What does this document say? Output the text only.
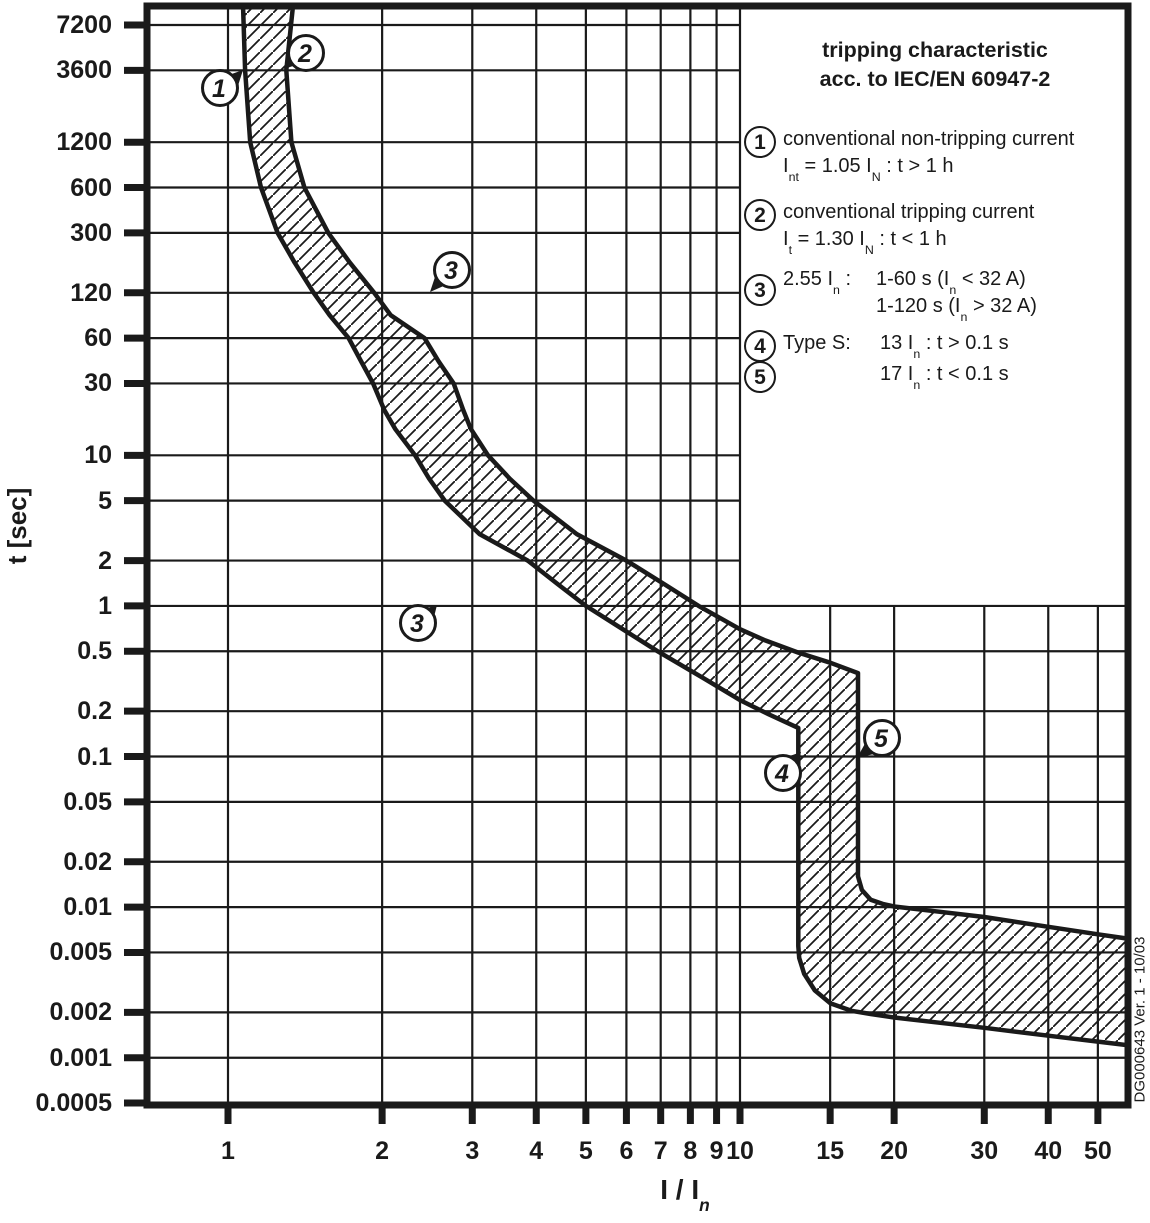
1
2
3
3
4
5
7200
3600
1200
600
300
120
60
30
10
5
2
1
0.5
0.2
0.1
0.05
0.02
0.01
0.005
0.002
0.001
0.0005
1	2	3	4	5	6 7 8 9 10	15	20	30	40 50
t [sec]
I / $I_n$
DG000643 Ver. 1 - 10/03
tripping characteristic
acc. to IEC/EN 60947-2
1 conventional non-tripping current
$I_{nt} = 1.05$ $I_N$ : t > 1 h
2 conventional tripping current
$I_t = 1.30$ $I_N$ : t < 1 h
3 2.55 $I_n$ :	1-60 s ($I_n < 32$ A)
1-120 s ($I_n > 32$ A)
4 Type S:	13 $I_n$ : t > 0.1 s
5	17 $I_n$ : t < 0.1 s
